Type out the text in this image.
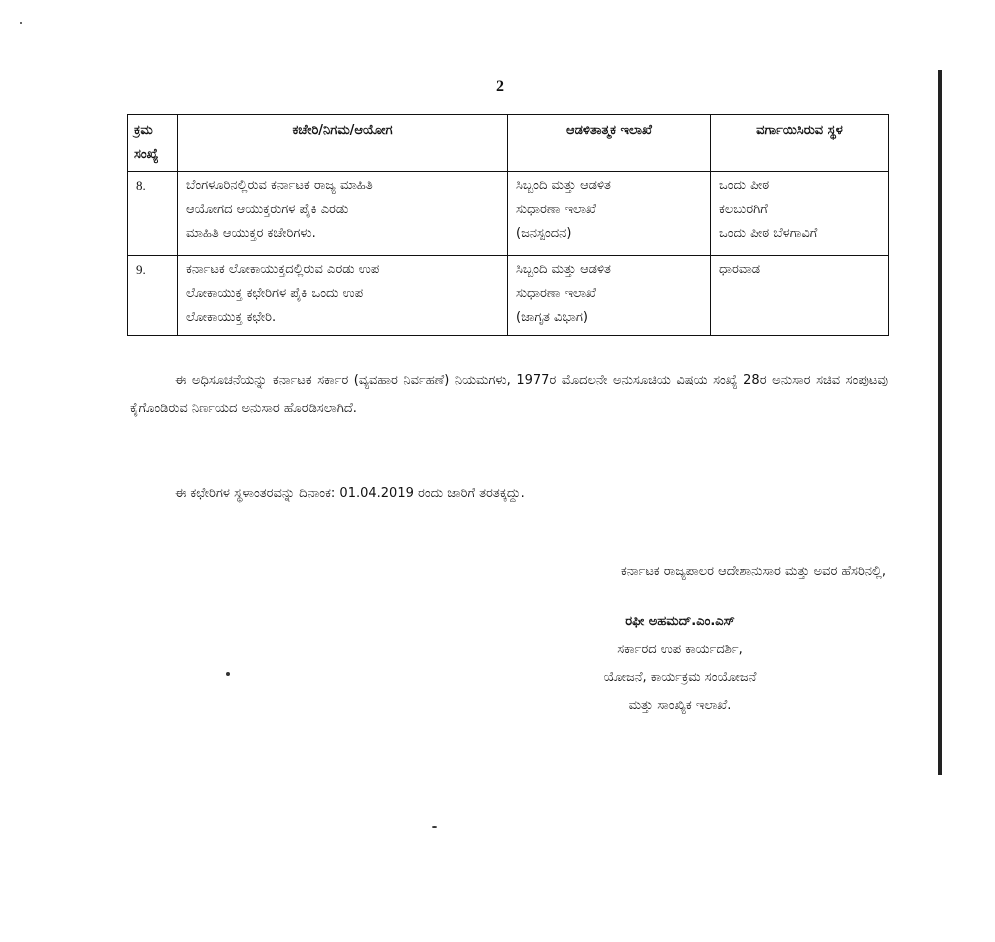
2
ಕ್ರಮ ಸಂಖ್ಯೆ	ಕಚೇರಿ/ನಿಗಮ/ಆಯೋಗ	ಆಡಳಿತಾತ್ಮಕ ಇಲಾಖೆ	ವರ್ಗಾಯಿಸಿರುವ ಸ್ಥಳ
8.	ಬೆಂಗಳೂರಿನಲ್ಲಿರುವ ಕರ್ನಾಟಕ ರಾಜ್ಯ ಮಾಹಿತಿ
ಆಯೋಗದ ಆಯುಕ್ತರುಗಳ ಪೈಕಿ ಎರಡು
ಮಾಹಿತಿ ಆಯುಕ್ತರ ಕಚೇರಿಗಳು.	ಸಿಬ್ಬಂದಿ ಮತ್ತು ಆಡಳಿತ
ಸುಧಾರಣಾ ಇಲಾಖೆ
(ಜನಸ್ಪಂದನ)	ಒಂದು ಪೀಠ
ಕಲಬುರಗಿಗೆ
ಒಂದು ಪೀಠ ಬೆಳಗಾವಿಗೆ
9.	ಕರ್ನಾಟಕ ಲೋಕಾಯುಕ್ತದಲ್ಲಿರುವ ಎರಡು ಉಪ
ಲೋಕಾಯುಕ್ತ ಕಛೇರಿಗಳ ಪೈಕಿ ಒಂದು ಉಪ
ಲೋಕಾಯುಕ್ತ ಕಛೇರಿ.	ಸಿಬ್ಬಂದಿ ಮತ್ತು ಆಡಳಿತ
ಸುಧಾರಣಾ ಇಲಾಖೆ
(ಜಾಗೃತ ವಿಭಾಗ)	ಧಾರವಾಡ
ಈ ಅಧಿಸೂಚನೆಯನ್ನು ಕರ್ನಾಟಕ ಸರ್ಕಾರ (ವ್ಯವಹಾರ ನಿರ್ವಹಣೆ) ನಿಯಮಗಳು, 1977ರ ಮೊದಲನೇ ಅನುಸೂಚಿಯ ವಿಷಯ ಸಂಖ್ಯೆ 28ರ ಅನುಸಾರ ಸಚಿವ ಸಂಪುಟವು ಕೈಗೊಂಡಿರುವ ನಿರ್ಣಯದ ಅನುಸಾರ ಹೊರಡಿಸಲಾಗಿದೆ.
ಈ ಕಛೇರಿಗಳ ಸ್ಥಳಾಂತರವನ್ನು ದಿನಾಂಕ: 01.04.2019 ರಂದು ಜಾರಿಗೆ ತರತಕ್ಕದ್ದು.
ಕರ್ನಾಟಕ ರಾಜ್ಯಪಾಲರ ಆದೇಶಾನುಸಾರ ಮತ್ತು ಅವರ ಹೆಸರಿನಲ್ಲಿ,
ರಫೀ ಅಹಮದ್.ಎಂ.ಎಸ್
ಸರ್ಕಾರದ ಉಪ ಕಾರ್ಯದರ್ಶಿ,
ಯೋಜನೆ, ಕಾರ್ಯಕ್ರಮ ಸಂಯೋಜನೆ
ಮತ್ತು ಸಾಂಖ್ಯಿಕ ಇಲಾಖೆ.
